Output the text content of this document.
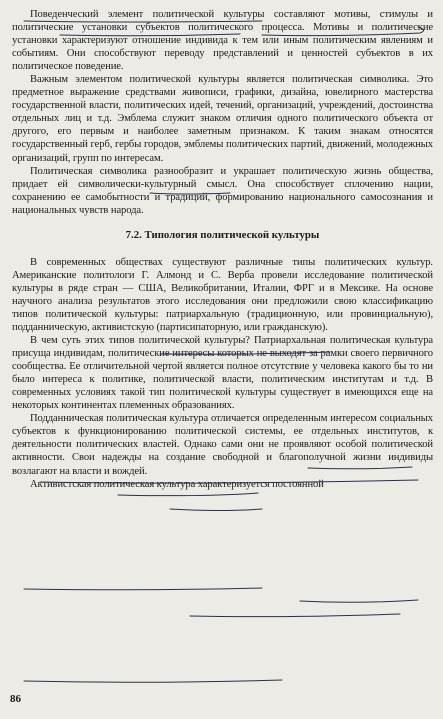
Поведенческий элемент политической культуры составляют мотивы, стимулы и политические установки субъектов политического процесса. Мотивы и политические установки характеризуют отношение индивида к тем или иным политическим явлениям и событиям. Они способствуют переводу представлений и ценностей субъектов в их политическое поведение.

Важным элементом политической культуры является политическая символика. Это предметное выражение средствами живописи, графики, дизайна, ювелирного мастерства государственной власти, политических идей, течений, организаций, учреждений, достоинства отдельных лиц и т.д. Эмблема служит знаком отличия одного политического объекта от другого, его первым и наиболее заметным признаком. К таким знакам относятся государственный герб, гербы городов, эмблемы политических партий, движений, молодежных организаций, групп по интересам.

Политическая символика разнообразит и украшает политическую жизнь общества, придает ей символически-культурный смысл. Она способствует сплочению нации, сохранению ее самобытности и традиций, формированию национального самосознания и национальных чувств народа.

7.2. Типология политической культуры

В современных обществах существуют различные типы политических культур. Американские политологи Г. Алмонд и С. Верба провели исследование политической культуры в ряде стран — США, Великобритании, Италии, ФРГ и в Мексике. На основе научного анализа результатов этого исследования они предложили свою классификацию типов политической культуры: патриархальную (традиционную, или провинциальную), подданническую, активистскую (партисипаторную, или гражданскую).

В чем суть этих типов политической культуры? Патриархальная политическая культура присуща индивидам, политические интересы которых не выходят за рамки своего первичного сообщества. Ее отличительной чертой является полное отсутствие у человека какого бы то ни было интереса к политике, политической власти, политическим институтам и т.д. В современных условиях такой тип политической культуры существует в имеющихся еще на некоторых континентах племенных образованиях.

Подданническая политическая культура отличается определенным интересом социальных субъектов к функционированию политической системы, ее отдельных институтов, к деятельности политических властей. Однако сами они не проявляют особой политической активности. Свои надежды на создание свободной и благополучной жизни индивиды возлагают на власти и вождей.

Активистская политическая культура характеризуется постоянной

86
